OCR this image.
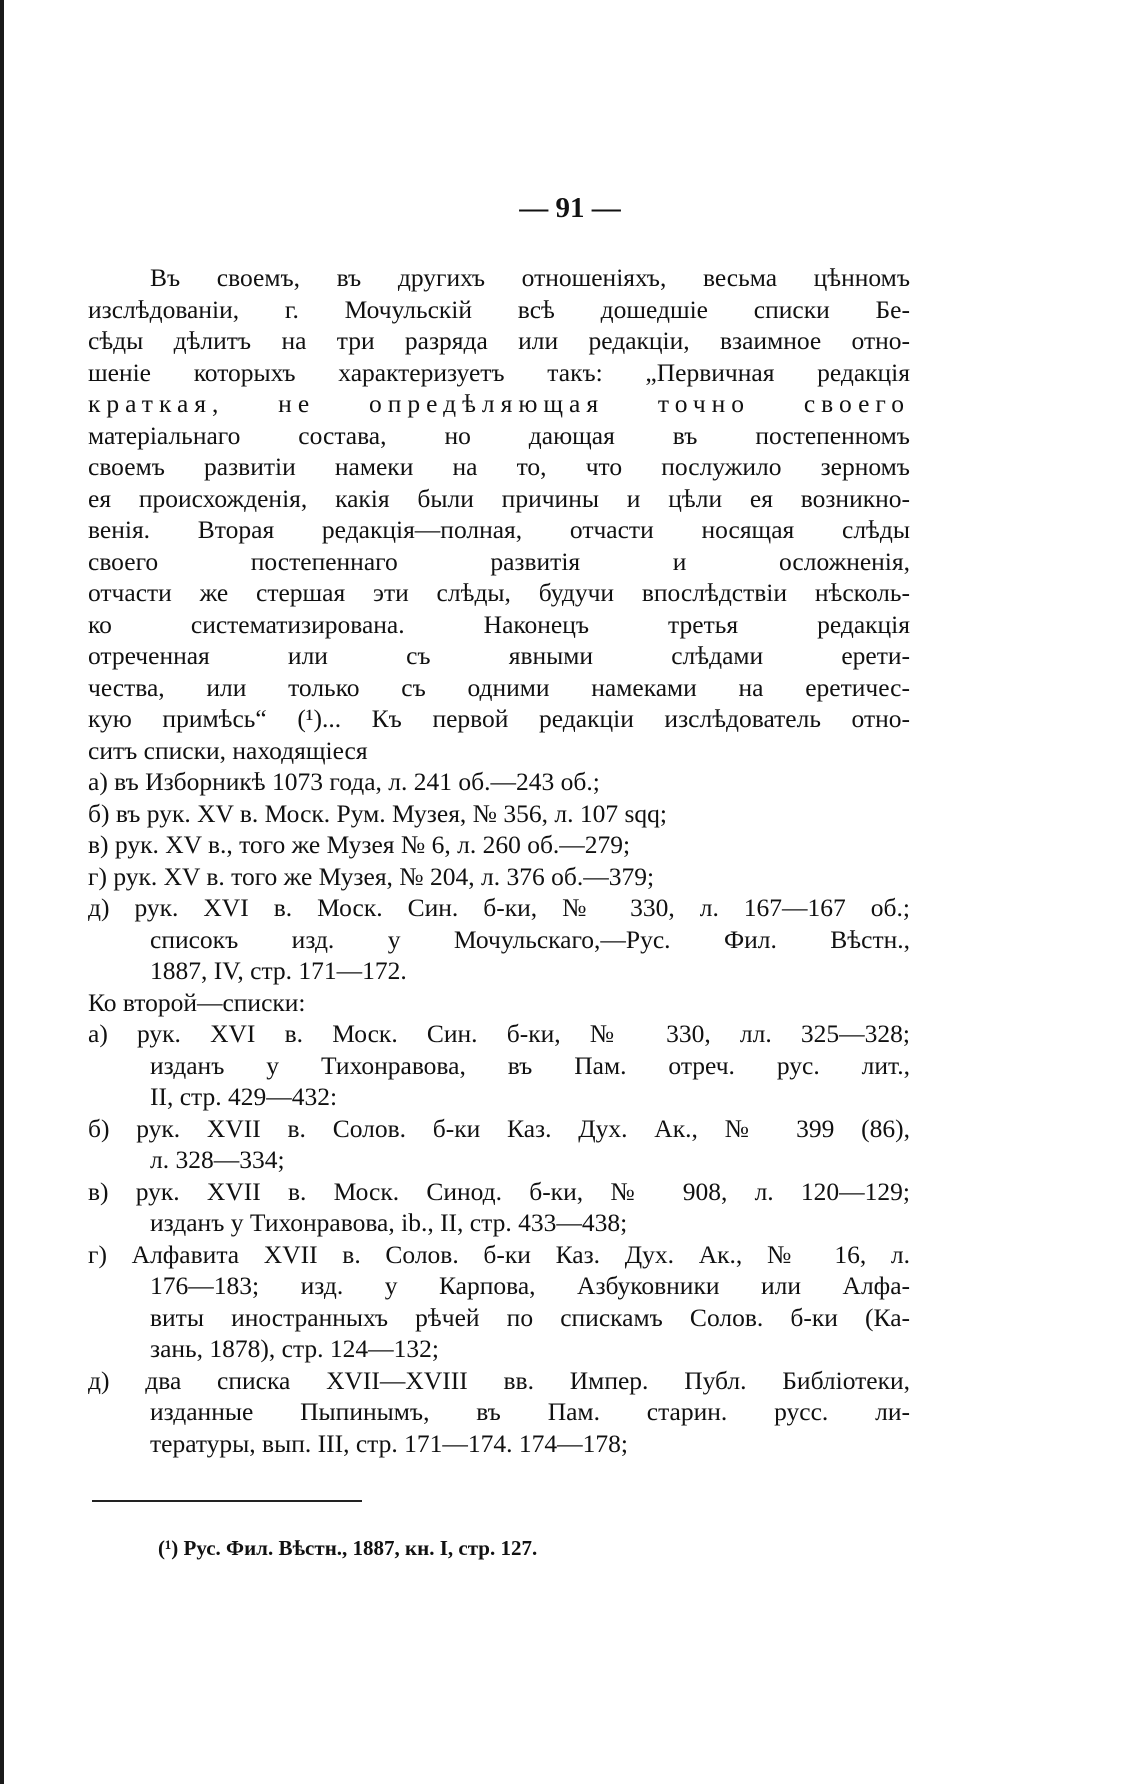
— 91 —
Въ своемъ, въ другихъ отношеніяхъ, весьма цѣнномъ
изслѣдованіи, г. Мочульскій всѣ дошедшіе списки Бе-
сѣды дѣлитъ на три разряда или редакціи, взаимное отно-
шеніе которыхъ характеризуетъ такъ: „Первичная редакція
краткая, не опредѣляющая точно своего
матеріальнаго состава, но дающая въ постепенномъ
своемъ развитіи намеки на то, что послужило зерномъ
ея происхожденія, какія были причины и цѣли ея возникно-
венія. Вторая редакція—полная, отчасти носящая слѣды
своего постепеннаго развитія и осложненія,
отчасти же стершая эти слѣды, будучи впослѣдствіи нѣсколь-
ко систематизирована. Наконецъ третья редакція
отреченная или съ явными слѣдами ерети-
чества, или только съ одними намеками на еретичес-
кую примѣсь“ (¹)... Къ первой редакціи изслѣдователь отно-
ситъ списки, находящіеся
а) въ Изборникѣ 1073 года, л. 241 об.—243 об.;
б) въ рук. XV в. Моск. Рум. Музея, № 356, л. 107 sqq;
в) рук. XV в., того же Музея № 6, л. 260 об.—279;
г) рук. XV в. того же Музея, № 204, л. 376 об.—379;
д) рук. XVI в. Моск. Син. б-ки, № 330, л. 167—167 об.;
списокъ изд. у Мочульскаго,—Рус. Фил. Вѣстн.,
1887, IV, стр. 171—172.
Ко второй—списки:
а) рук. XVI в. Моск. Син. б-ки, № 330, лл. 325—328;
изданъ у Тихонравова, въ Пам. отреч. рус. лит.,
II, стр. 429—432:
б) рук. XVII в. Солов. б-ки Каз. Дух. Ак., № 399 (86),
л. 328—334;
в) рук. XVII в. Моск. Синод. б-ки, № 908, л. 120—129;
изданъ у Тихонравова, ib., II, стр. 433—438;
г) Алфавита XVII в. Солов. б-ки Каз. Дух. Ак., № 16, л.
176—183; изд. у Карпова, Азбуковники или Алфа-
виты иностранныхъ рѣчей по спискамъ Солов. б-ки (Ка-
зань, 1878), стр. 124—132;
д) два списка XVII—XVIII вв. Импер. Публ. Библіотеки,
изданные Пыпинымъ, въ Пам. старин. русс. ли-
тературы, вып. III, стр. 171—174. 174—178;
(¹) Рус. Фил. Вѣстн., 1887, кн. I, стр. 127.
